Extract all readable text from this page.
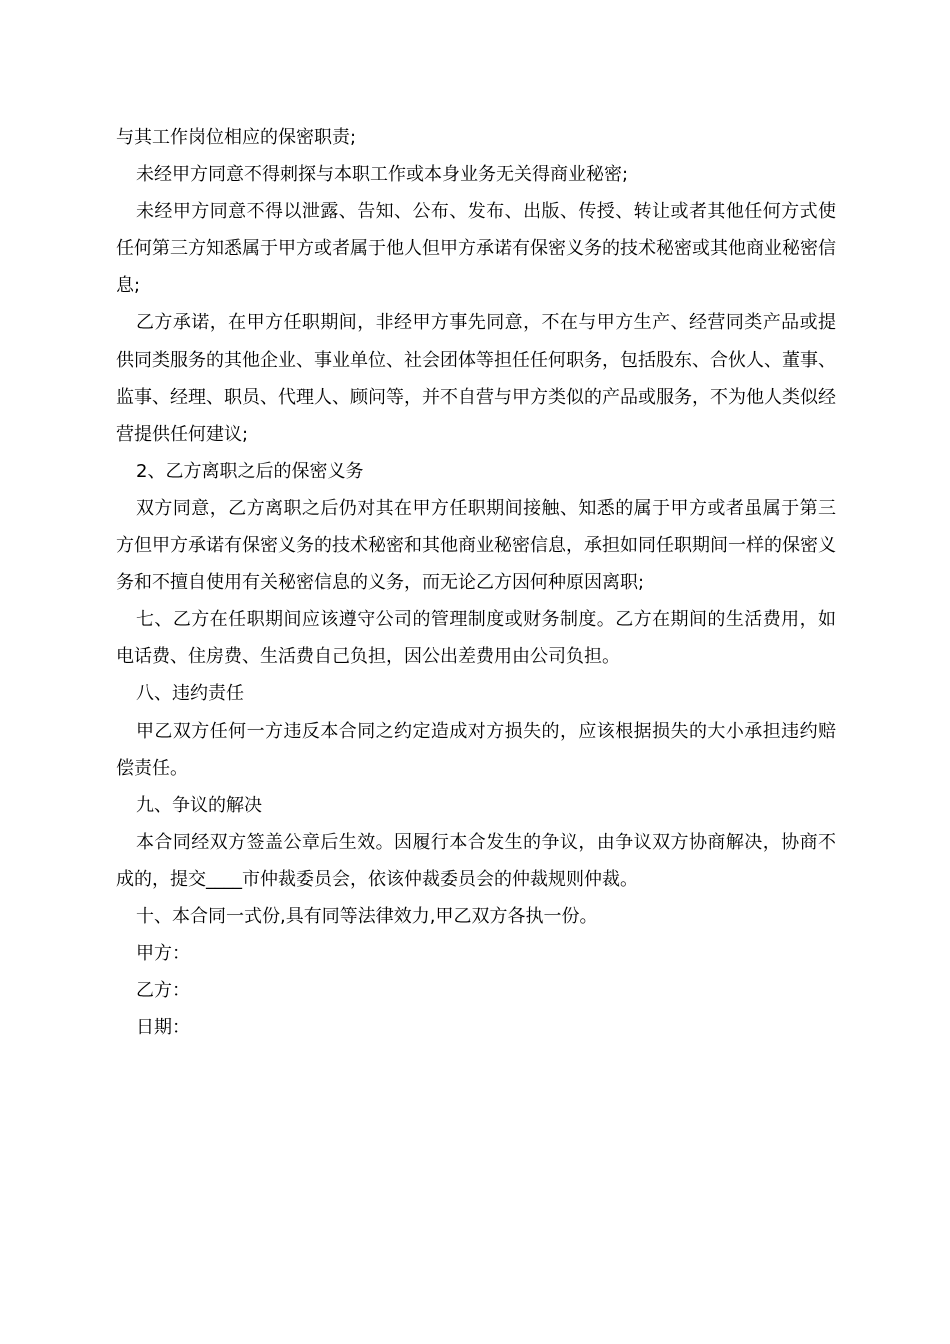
与其工作岗位相应的保密职责;

未经甲方同意不得刺探与本职工作或本身业务无关得商业秘密;

未经甲方同意不得以泄露、告知、公布、发布、出版、传授、转让或者其他任何方式使任何第三方知悉属于甲方或者属于他人但甲方承诺有保密义务的技术秘密或其他商业秘密信息;

乙方承诺，在甲方任职期间，非经甲方事先同意，不在与甲方生产、经营同类产品或提供同类服务的其他企业、事业单位、社会团体等担任任何职务，包括股东、合伙人、董事、监事、经理、职员、代理人、顾问等，并不自营与甲方类似的产品或服务，不为他人类似经营提供任何建议;

2、乙方离职之后的保密义务

双方同意，乙方离职之后仍对其在甲方任职期间接触、知悉的属于甲方或者虽属于第三方但甲方承诺有保密义务的技术秘密和其他商业秘密信息，承担如同任职期间一样的保密义务和不擅自使用有关秘密信息的义务，而无论乙方因何种原因离职;

七、乙方在任职期间应该遵守公司的管理制度或财务制度。乙方在期间的生活费用，如电话费、住房费、生活费自己负担，因公出差费用由公司负担。

八、违约责任

甲乙双方任何一方违反本合同之约定造成对方损失的，应该根据损失的大小承担违约赔偿责任。

九、争议的解决

本合同经双方签盖公章后生效。因履行本合发生的争议，由争议双方协商解决，协商不成的，提交____市仲裁委员会，依该仲裁委员会的仲裁规则仲裁。

十、本合同一式份,具有同等法律效力,甲乙双方各执一份。

甲方：

乙方：

日期：
